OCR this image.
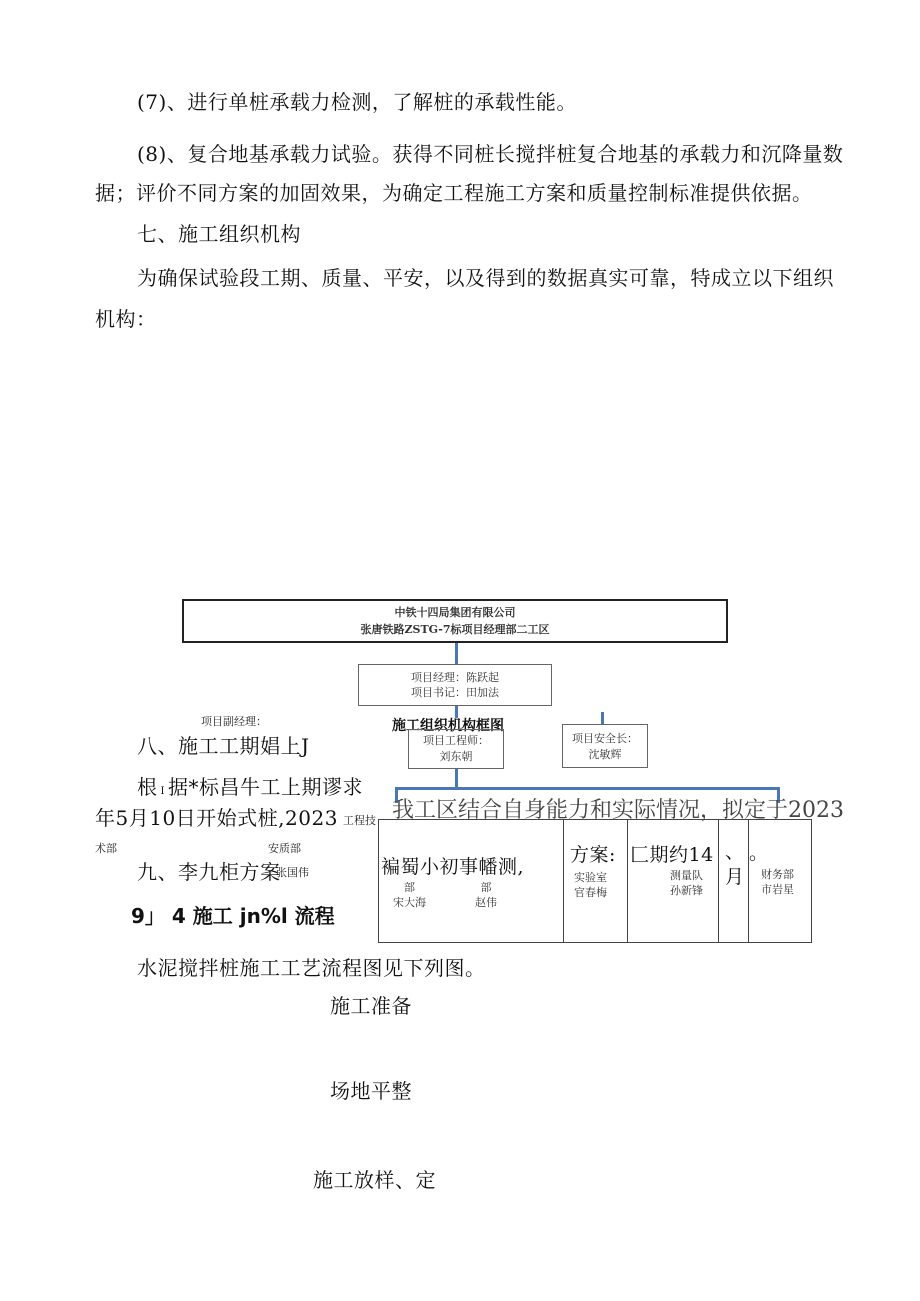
(7)、进行单桩承载力检测，了解桩的承载性能。
(8)、复合地基承载力试验。获得不同桩长搅拌桩复合地基的承载力和沉降量数
据；评价不同方案的加固效果，为确定工程施工方案和质量控制标准提供依据。
七、施工组织机构
为确保试验段工期、质量、平安，以及得到的数据真实可靠，特成立以下组织
机构：
中铁十四局集团有限公司
张唐铁路ZSTG-7标项目经理部二工区
项目经理：陈跃起
项目书记：田加法
项目副经理：	施工组织机构框图
项目工程师：
刘东朝
项目安全长：
沈敏辉
我工区结合自身能力和实际情况，拟定于2023
八、施工工期娼上J
根 I 据*标昌牛工上期谬求
年5月10日开始式桩,2023 工程技
术部	安质部
九、李九柜方案
张国伟
9」 4 施工 jn%l 流程
褊蜀小初事幡测,
部
宋大海
部
赵伟
方案:
实验室
官春梅
匚期约14
测量队
孙新锋
、
月
。
财务部
市岩星
水泥搅拌桩施工工艺流程图见下列图。
施工准备
场地平整
施工放样、定
